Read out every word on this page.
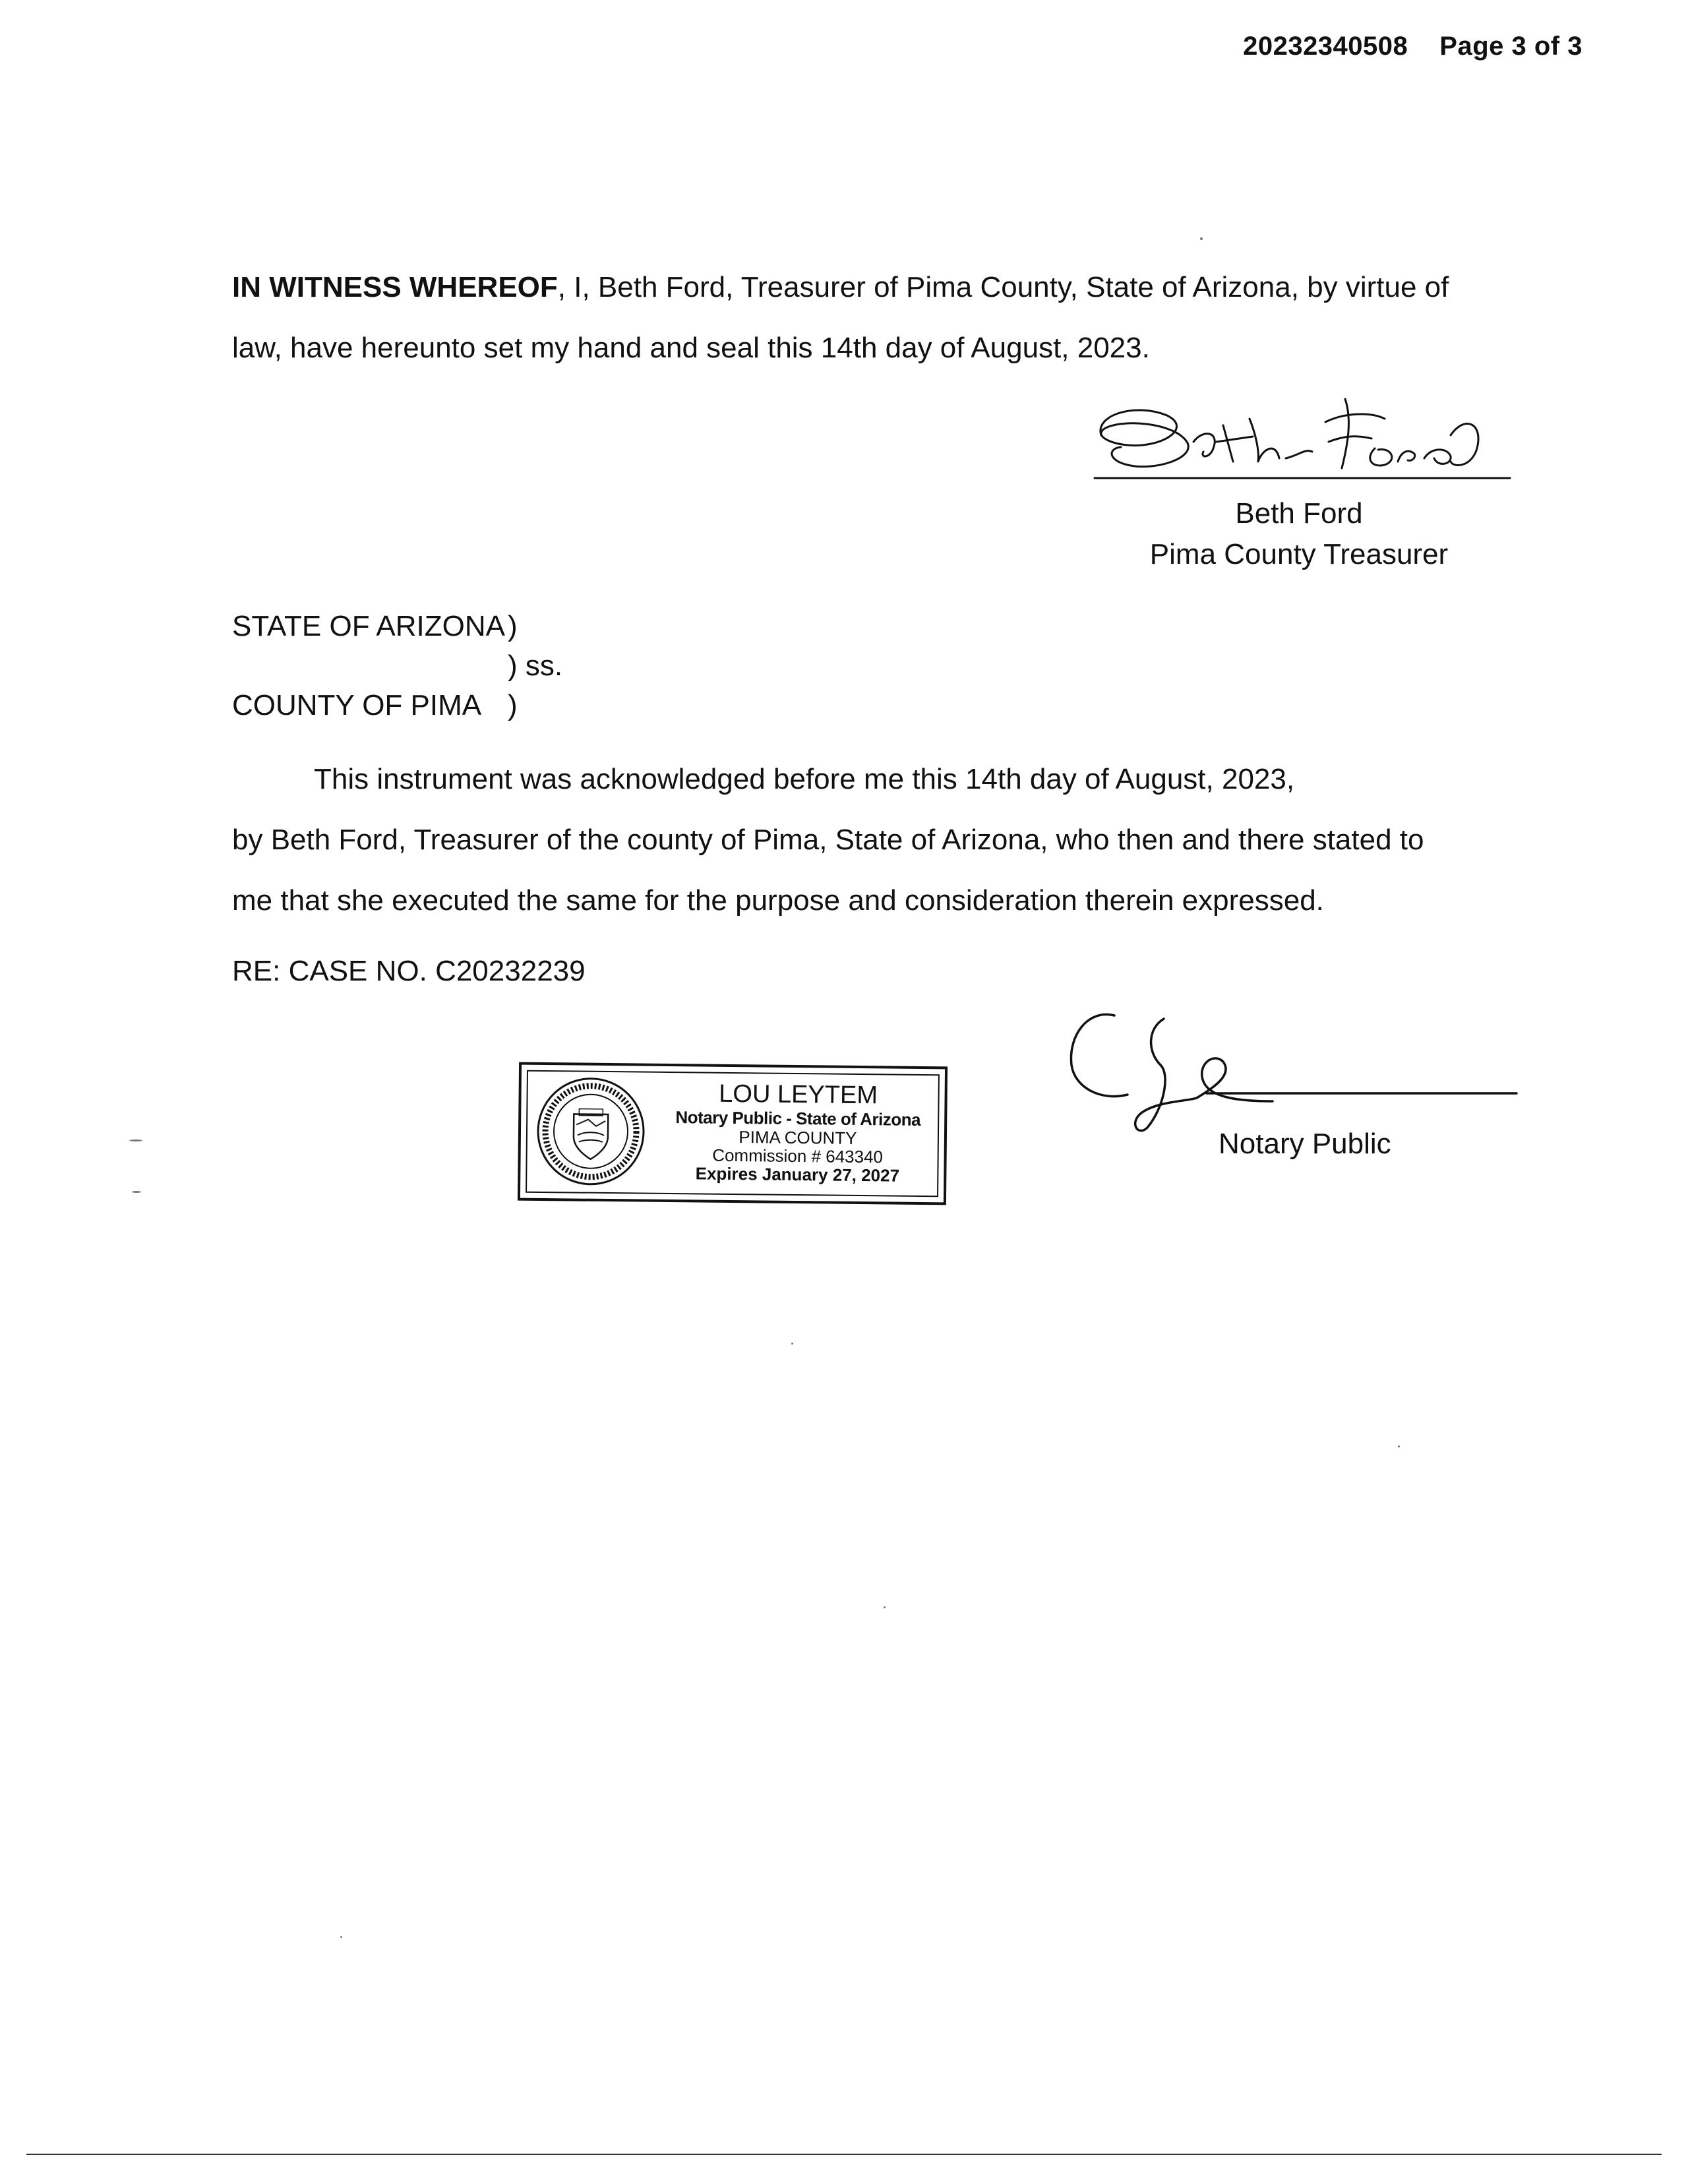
20232340508 Page 3 of 3
IN WITNESS WHEREOF, I, Beth Ford, Treasurer of Pima County, State of Arizona, by virtue of
law, have hereunto set my hand and seal this 14th day of August, 2023.
Beth Ford
Pima County Treasurer
STATE OF ARIZONA )
) ss.
COUNTY OF PIMA )
This instrument was acknowledged before me this 14th day of August, 2023,
by Beth Ford, Treasurer of the county of Pima, State of Arizona, who then and there stated to
me that she executed the same for the purpose and consideration therein expressed.
RE: CASE NO. C20232239
LOU LEYTEM
Notary Public - State of Arizona
PIMA COUNTY
Commission # 643340
Expires January 27, 2027
Notary Public
